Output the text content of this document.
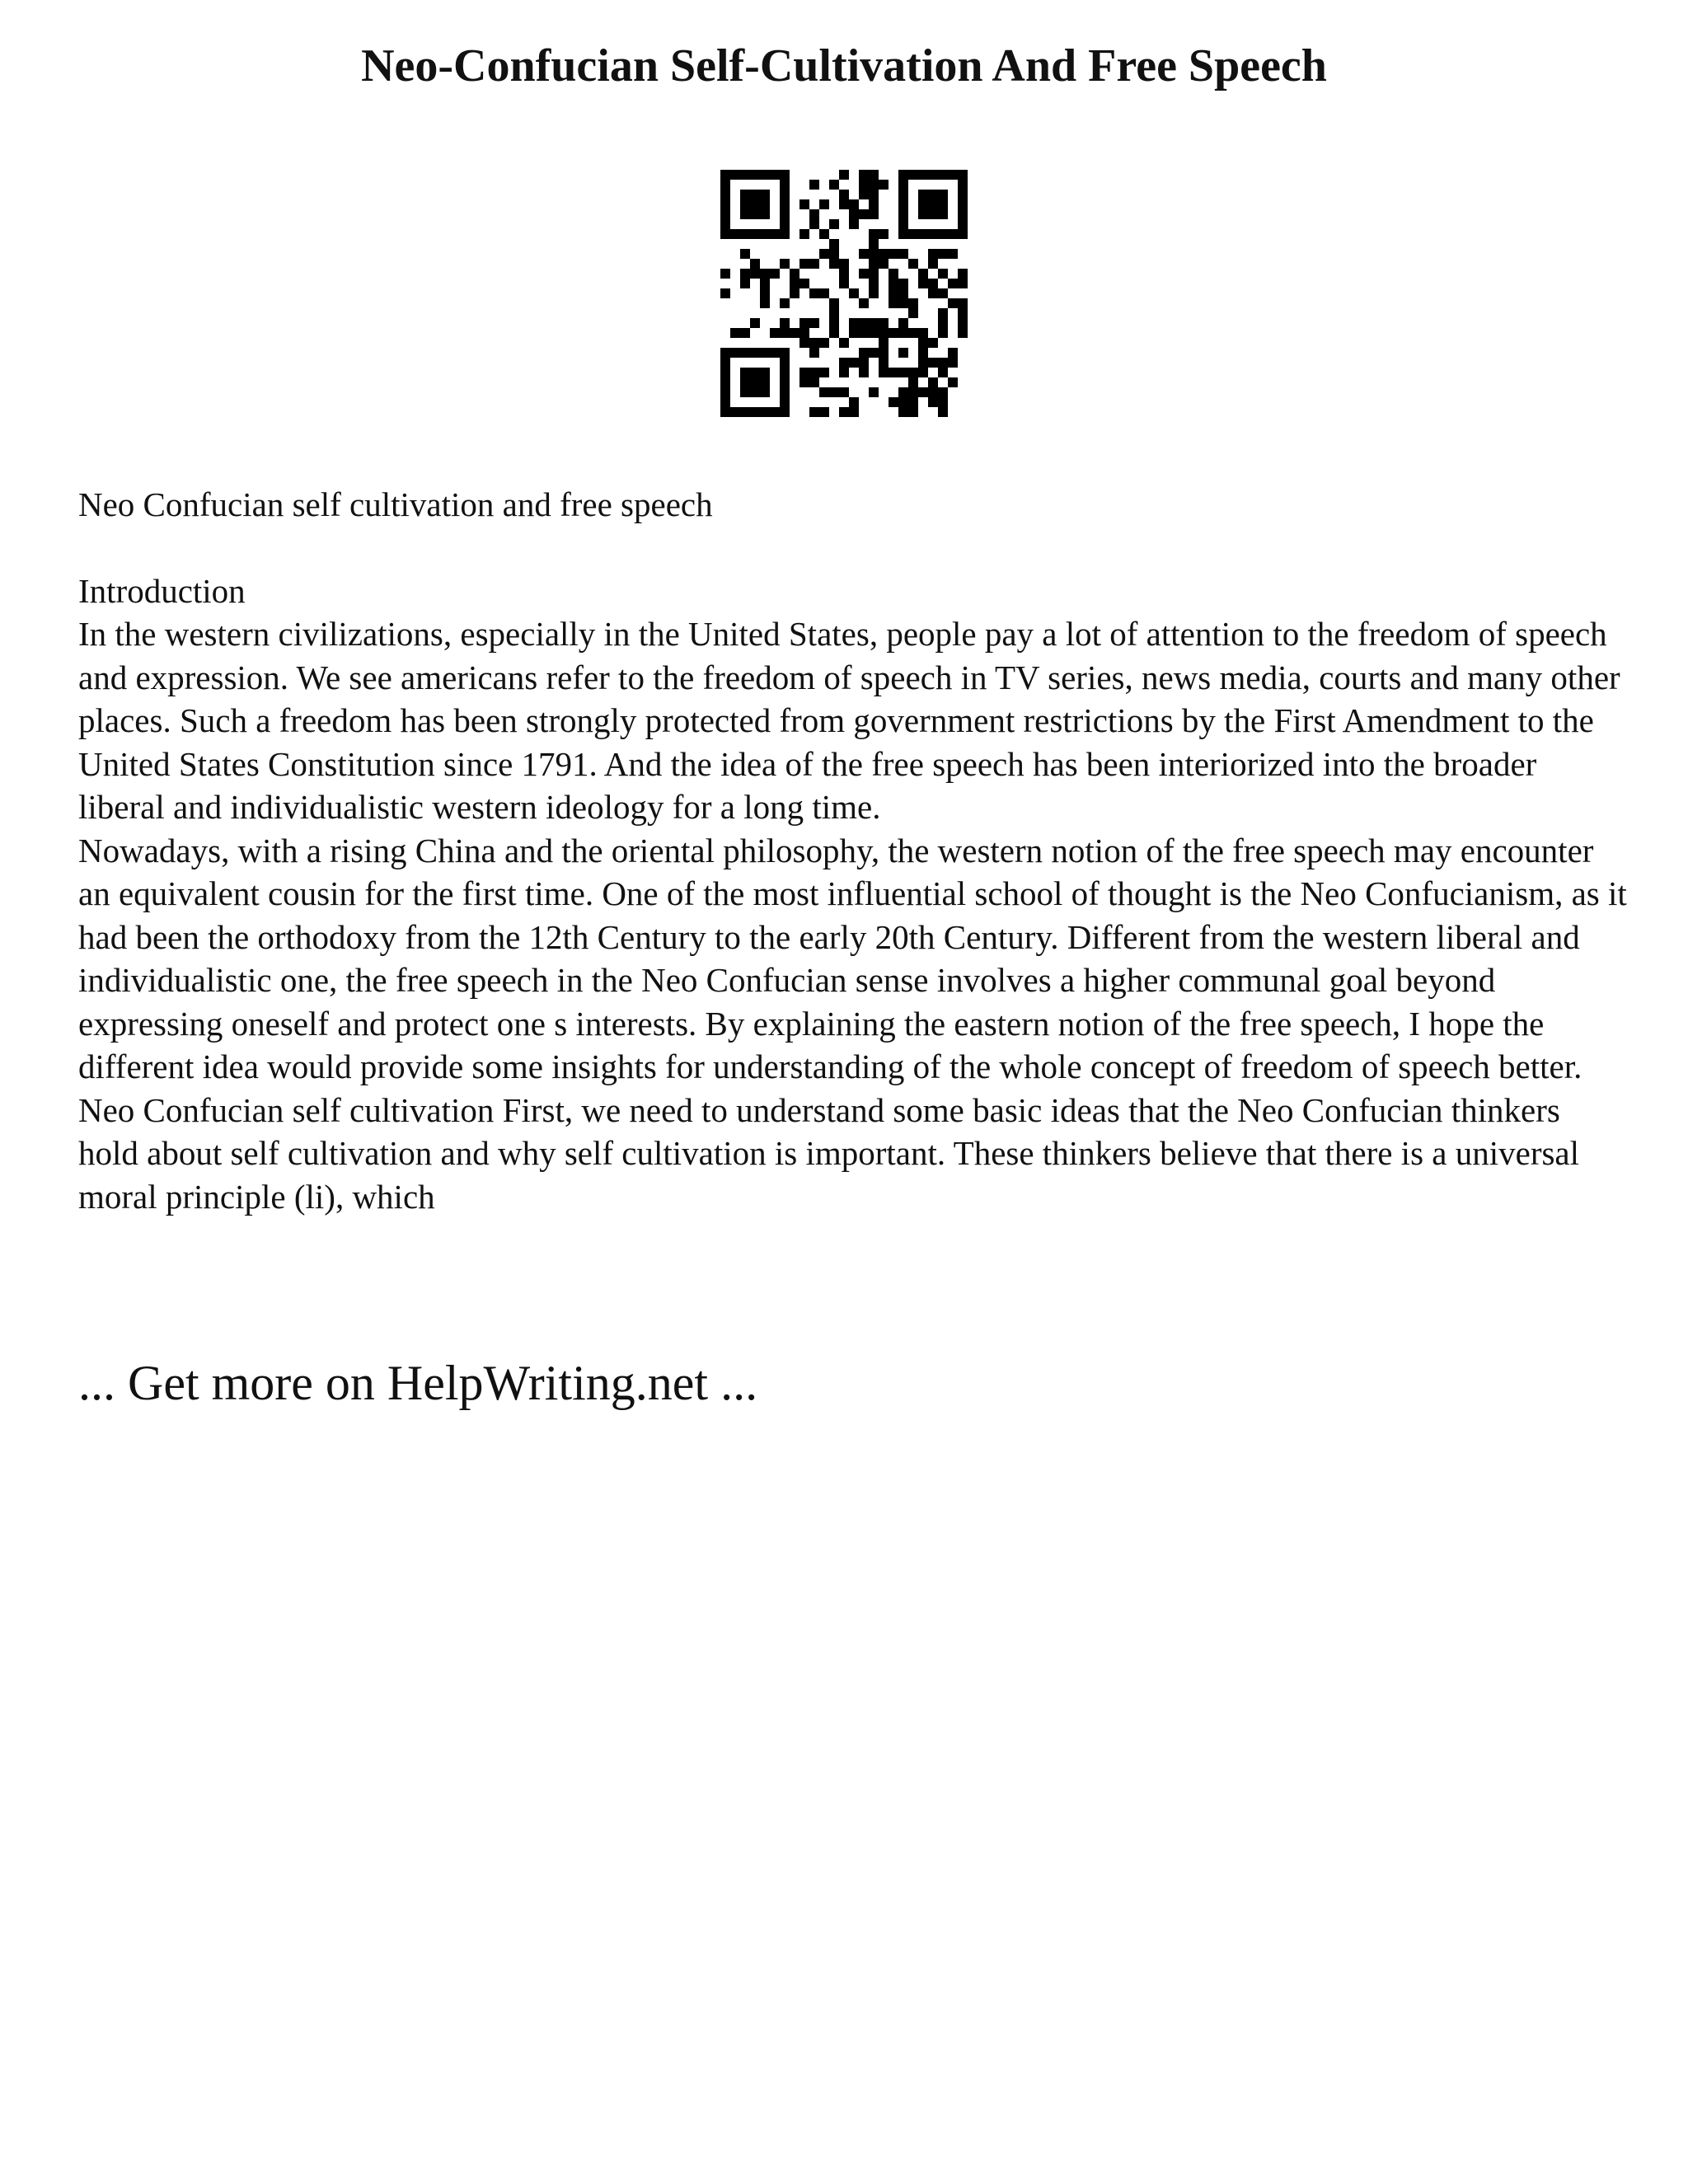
Neo-Confucian Self-Cultivation And Free Speech

Neo Confucian self cultivation and free speech

Introduction

In the western civilizations, especially in the United States, people pay a lot of attention to the freedom of speech and expression. We see americans refer to the freedom of speech in TV series, news media, courts and many other places. Such a freedom has been strongly protected from government restrictions by the First Amendment to the United States Constitution since 1791. And the idea of the free speech has been interiorized into the broader liberal and individualistic western ideology for a long time.

Nowadays, with a rising China and the oriental philosophy, the western notion of the free speech may encounter an equivalent cousin for the first time. One of the most influential school of thought is the Neo Confucianism, as it had been the orthodoxy from the 12th Century to the early 20th Century. Different from the western liberal and individualistic one, the free speech in the Neo Confucian sense involves a higher communal goal beyond expressing oneself and protect one s interests. By explaining the eastern notion of the free speech, I hope the different idea would provide some insights for understanding of the whole concept of freedom of speech better.

Neo Confucian self cultivation First, we need to understand some basic ideas that the Neo Confucian thinkers hold about self cultivation and why self cultivation is important. These thinkers believe that there is a universal moral principle (li), which

... Get more on HelpWriting.net ...
